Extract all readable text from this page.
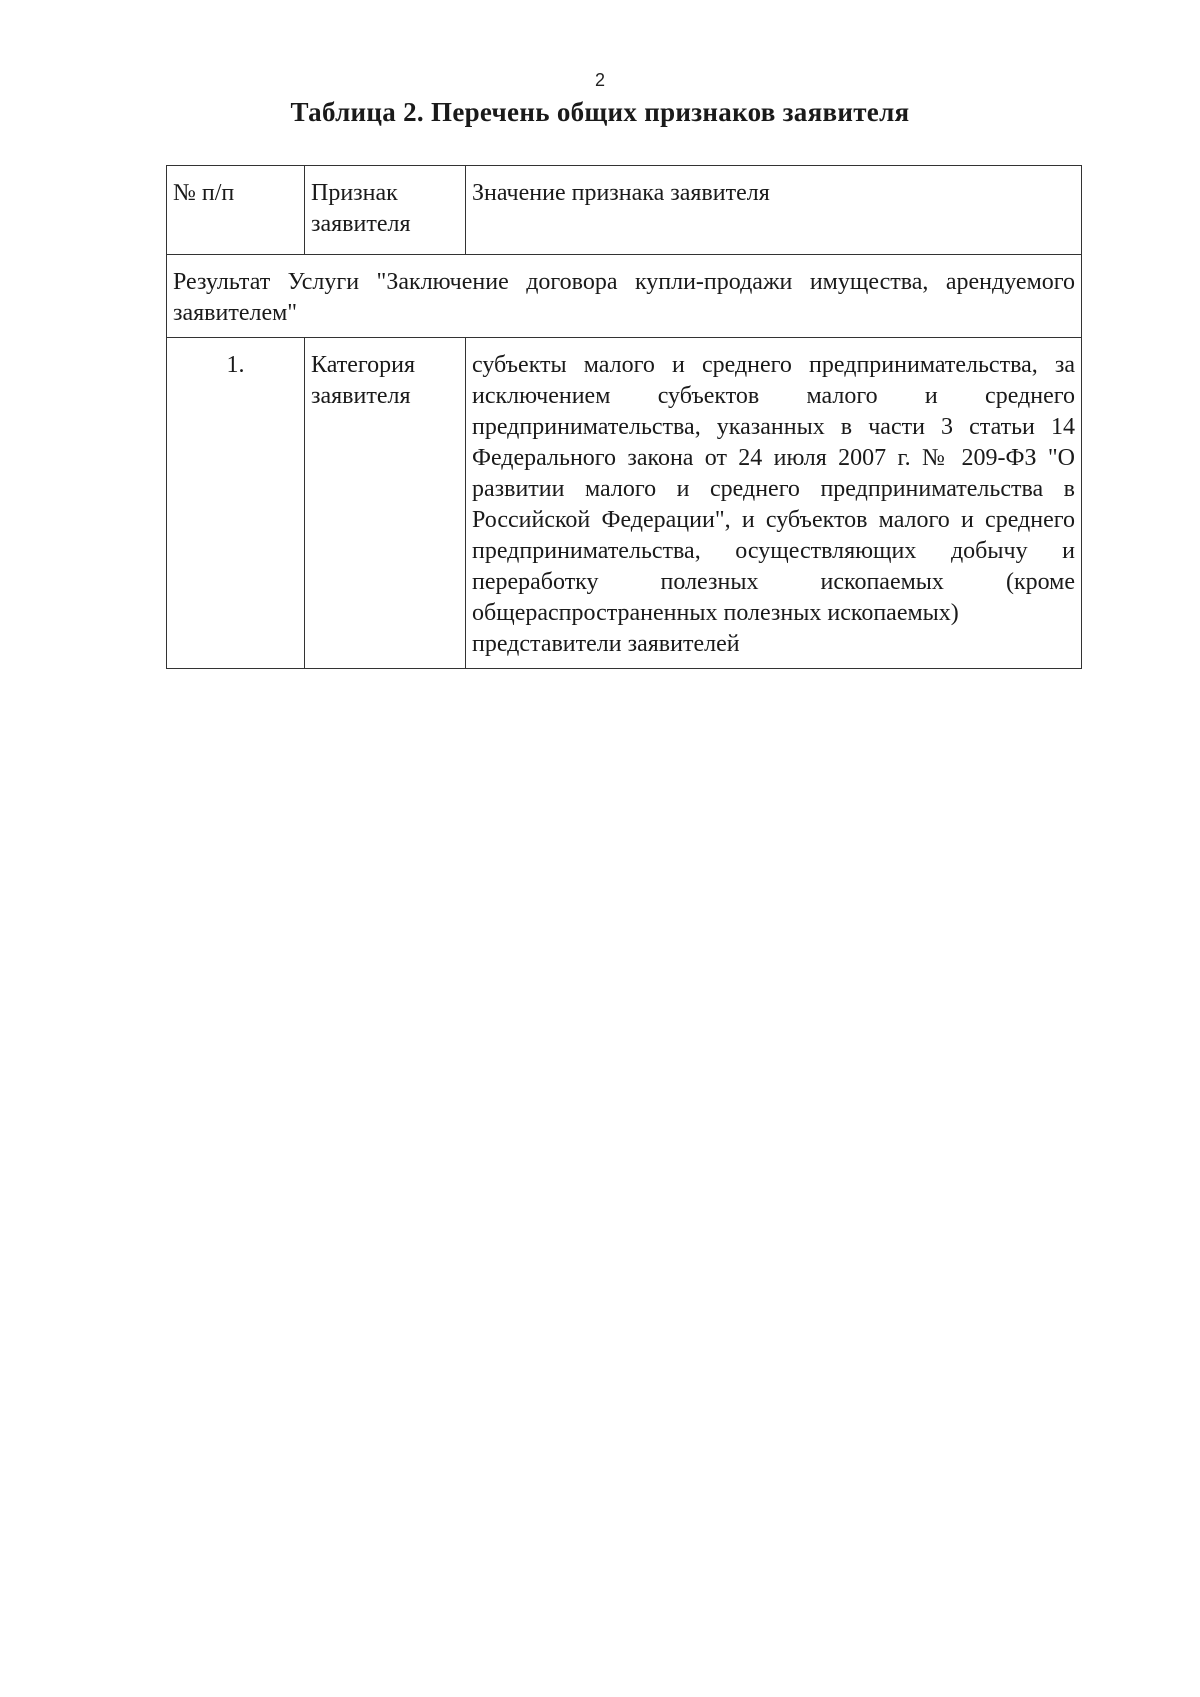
2
Таблица 2. Перечень общих признаков заявителя
№ п/п	Признак заявителя	Значение признака заявителя
Результат Услуги "Заключение договора купли-продажи имущества, арендуемого заявителем"		
1.	Категория заявителя	субъекты малого и среднего предпринимательства, за исключением субъектов малого и среднего предпринимательства, указанных в части 3 статьи 14 Федерального закона от 24 июля 2007 г. № 209-ФЗ "О развитии малого и среднего предпринимательства в Российской Федерации", и субъектов малого и среднего предпринимательства, осуществляющих добычу и переработку полезных ископаемых (кроме общераспространенных полезных ископаемых)
представители заявителей
